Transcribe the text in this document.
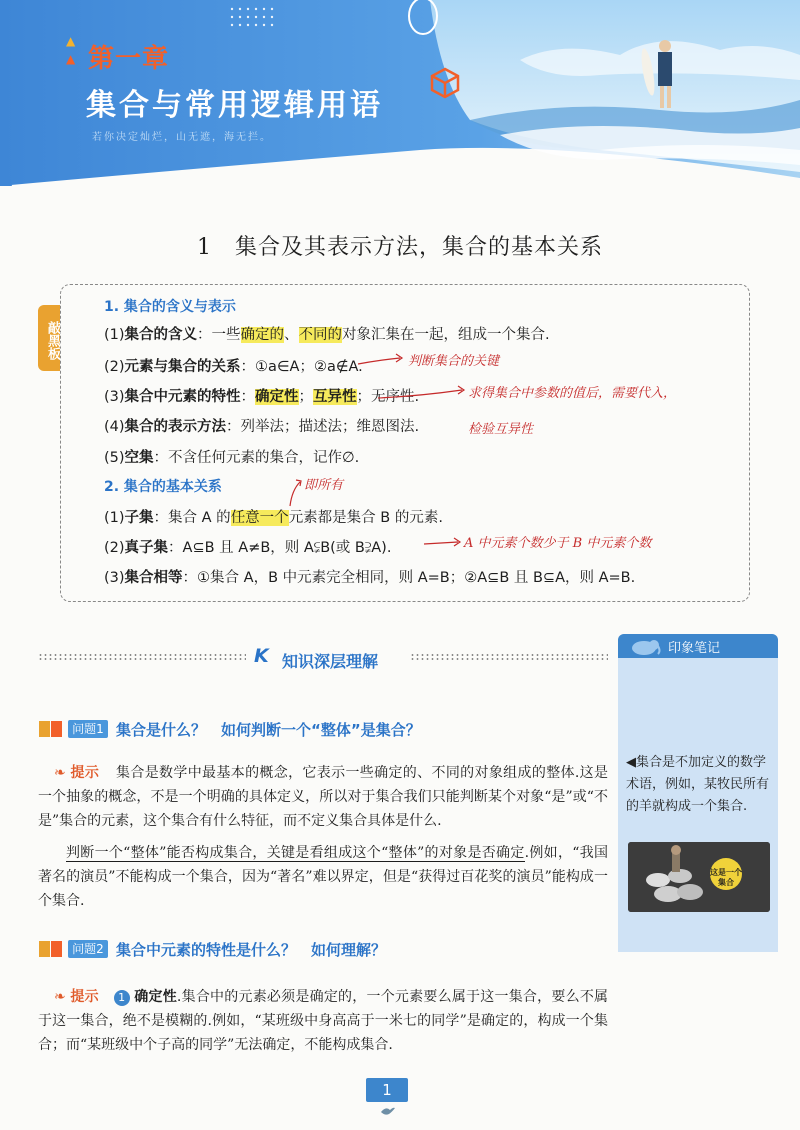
▲
▲ 第一章
集合与常用逻辑用语
若你决定灿烂，山无遮，海无拦。
1　集合及其表示方法，集合的基本关系
敲黑板
1. 集合的含义与表示
(1)集合的含义：一些确定的、不同的对象汇集在一起，组成一个集合.
(2)元素与集合的关系：①a∈A；②a∉A.
(3)集合中元素的特性：确定性；互异性；无序性.
(4)集合的表示方法：列举法；描述法；维恩图法.
(5)空集：不含任何元素的集合，记作∅.
2. 集合的基本关系
(1)子集：集合 A 的任意一个元素都是集合 B 的元素.
(2)真子集：A⊆B 且 A≠B，则 A⫋B(或 B⫌A).
(3)集合相等：①集合 A，B 中元素完全相同，则 A=B；②A⊆B 且 B⊆A，则 A=B.
判断集合的关键
求得集合中参数的值后，需要代入，
检验互异性
即所有
A 中元素个数少于 B 中元素个数
K 知识深层理解
印象笔记
◀集合是不加定义的数学术语，例如，某牧民所有的羊就构成一个集合.
这是一个集合
问题1 集合是什么？　如何判断一个“整体”是集合？
❧ 提示 集合是数学中最基本的概念，它表示一些确定的、不同的对象组成的整体.这是一个抽象的概念，不是一个明确的具体定义，所以对于集合我们只能判断某个对象“是”或“不是”集合的元素，这个集合有什么特征，而不定义集合具体是什么.
判断一个“整体”能否构成集合，关键是看组成这个“整体”的对象是否确定.例如，“我国著名的演员”不能构成一个集合，因为“著名”难以界定，但是“获得过百花奖的演员”能构成一个集合.
问题2 集合中元素的特性是什么？　如何理解？
❧ 提示 1 确定性.集合中的元素必须是确定的，一个元素要么属于这一集合，要么不属于这一集合，绝不是模糊的.例如，“某班级中身高高于一米七的同学”是确定的，构成一个集合；而“某班级中个子高的同学”无法确定，不能构成集合.
1
